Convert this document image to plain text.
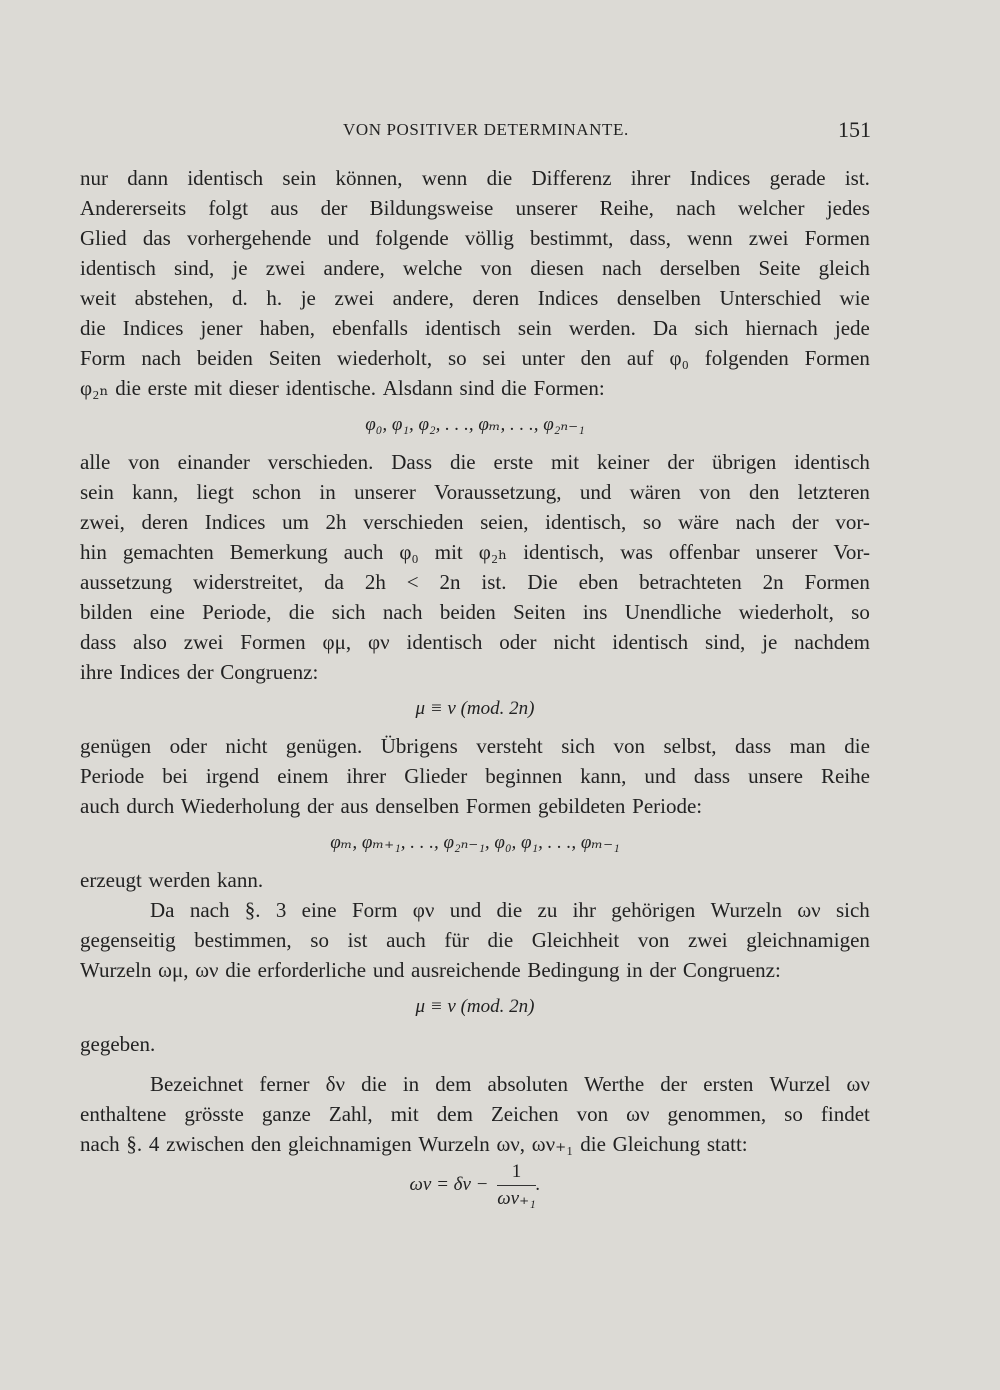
VON POSITIVER DETERMINANTE.	151
nur dann identisch sein können, wenn die Differenz ihrer Indices gerade ist.
Andererseits folgt aus der Bildungsweise unserer Reihe, nach welcher jedes
Glied das vorhergehende und folgende völlig bestimmt, dass, wenn zwei Formen
identisch sind, je zwei andere, welche von diesen nach derselben Seite gleich
weit abstehen, d. h. je zwei andere, deren Indices denselben Unterschied wie
die Indices jener haben, ebenfalls identisch sein werden. Da sich hiernach jede
Form nach beiden Seiten wiederholt, so sei unter den auf φ₀ folgenden Formen
φ₂ₙ die erste mit dieser identische. Alsdann sind die Formen:
φ₀, φ₁, φ₂, . . ., φₘ, . . ., φ₂ₙ₋₁
alle von einander verschieden. Dass die erste mit keiner der übrigen identisch
sein kann, liegt schon in unserer Voraussetzung, und wären von den letzteren
zwei, deren Indices um 2h verschieden seien, identisch, so wäre nach der vor-
hin gemachten Bemerkung auch φ₀ mit φ₂ₕ identisch, was offenbar unserer Vor-
aussetzung widerstreitet, da 2h < 2n ist. Die eben betrachteten 2n Formen
bilden eine Periode, die sich nach beiden Seiten ins Unendliche wiederholt, so
dass also zwei Formen φμ, φν identisch oder nicht identisch sind, je nachdem
ihre Indices der Congruenz:
μ ≡ ν (mod. 2n)
genügen oder nicht genügen. Übrigens versteht sich von selbst, dass man die
Periode bei irgend einem ihrer Glieder beginnen kann, und dass unsere Reihe
auch durch Wiederholung der aus denselben Formen gebildeten Periode:
φₘ, φₘ₊₁, . . ., φ₂ₙ₋₁, φ₀, φ₁, . . ., φₘ₋₁
erzeugt werden kann.
Da nach §. 3 eine Form φν und die zu ihr gehörigen Wurzeln ων sich
gegenseitig bestimmen, so ist auch für die Gleichheit von zwei gleichnamigen
Wurzeln ωμ, ων die erforderliche und ausreichende Bedingung in der Congruenz:
μ ≡ ν (mod. 2n)
gegeben.
Bezeichnet ferner δν die in dem absoluten Werthe der ersten Wurzel ων
enthaltene grösste ganze Zahl, mit dem Zeichen von ων genommen, so findet
nach §. 4 zwischen den gleichnamigen Wurzeln ων, ων₊₁ die Gleichung statt:
$\omega\nu = \delta\nu - \frac{1}{\text{ων₊₁}}$ .
